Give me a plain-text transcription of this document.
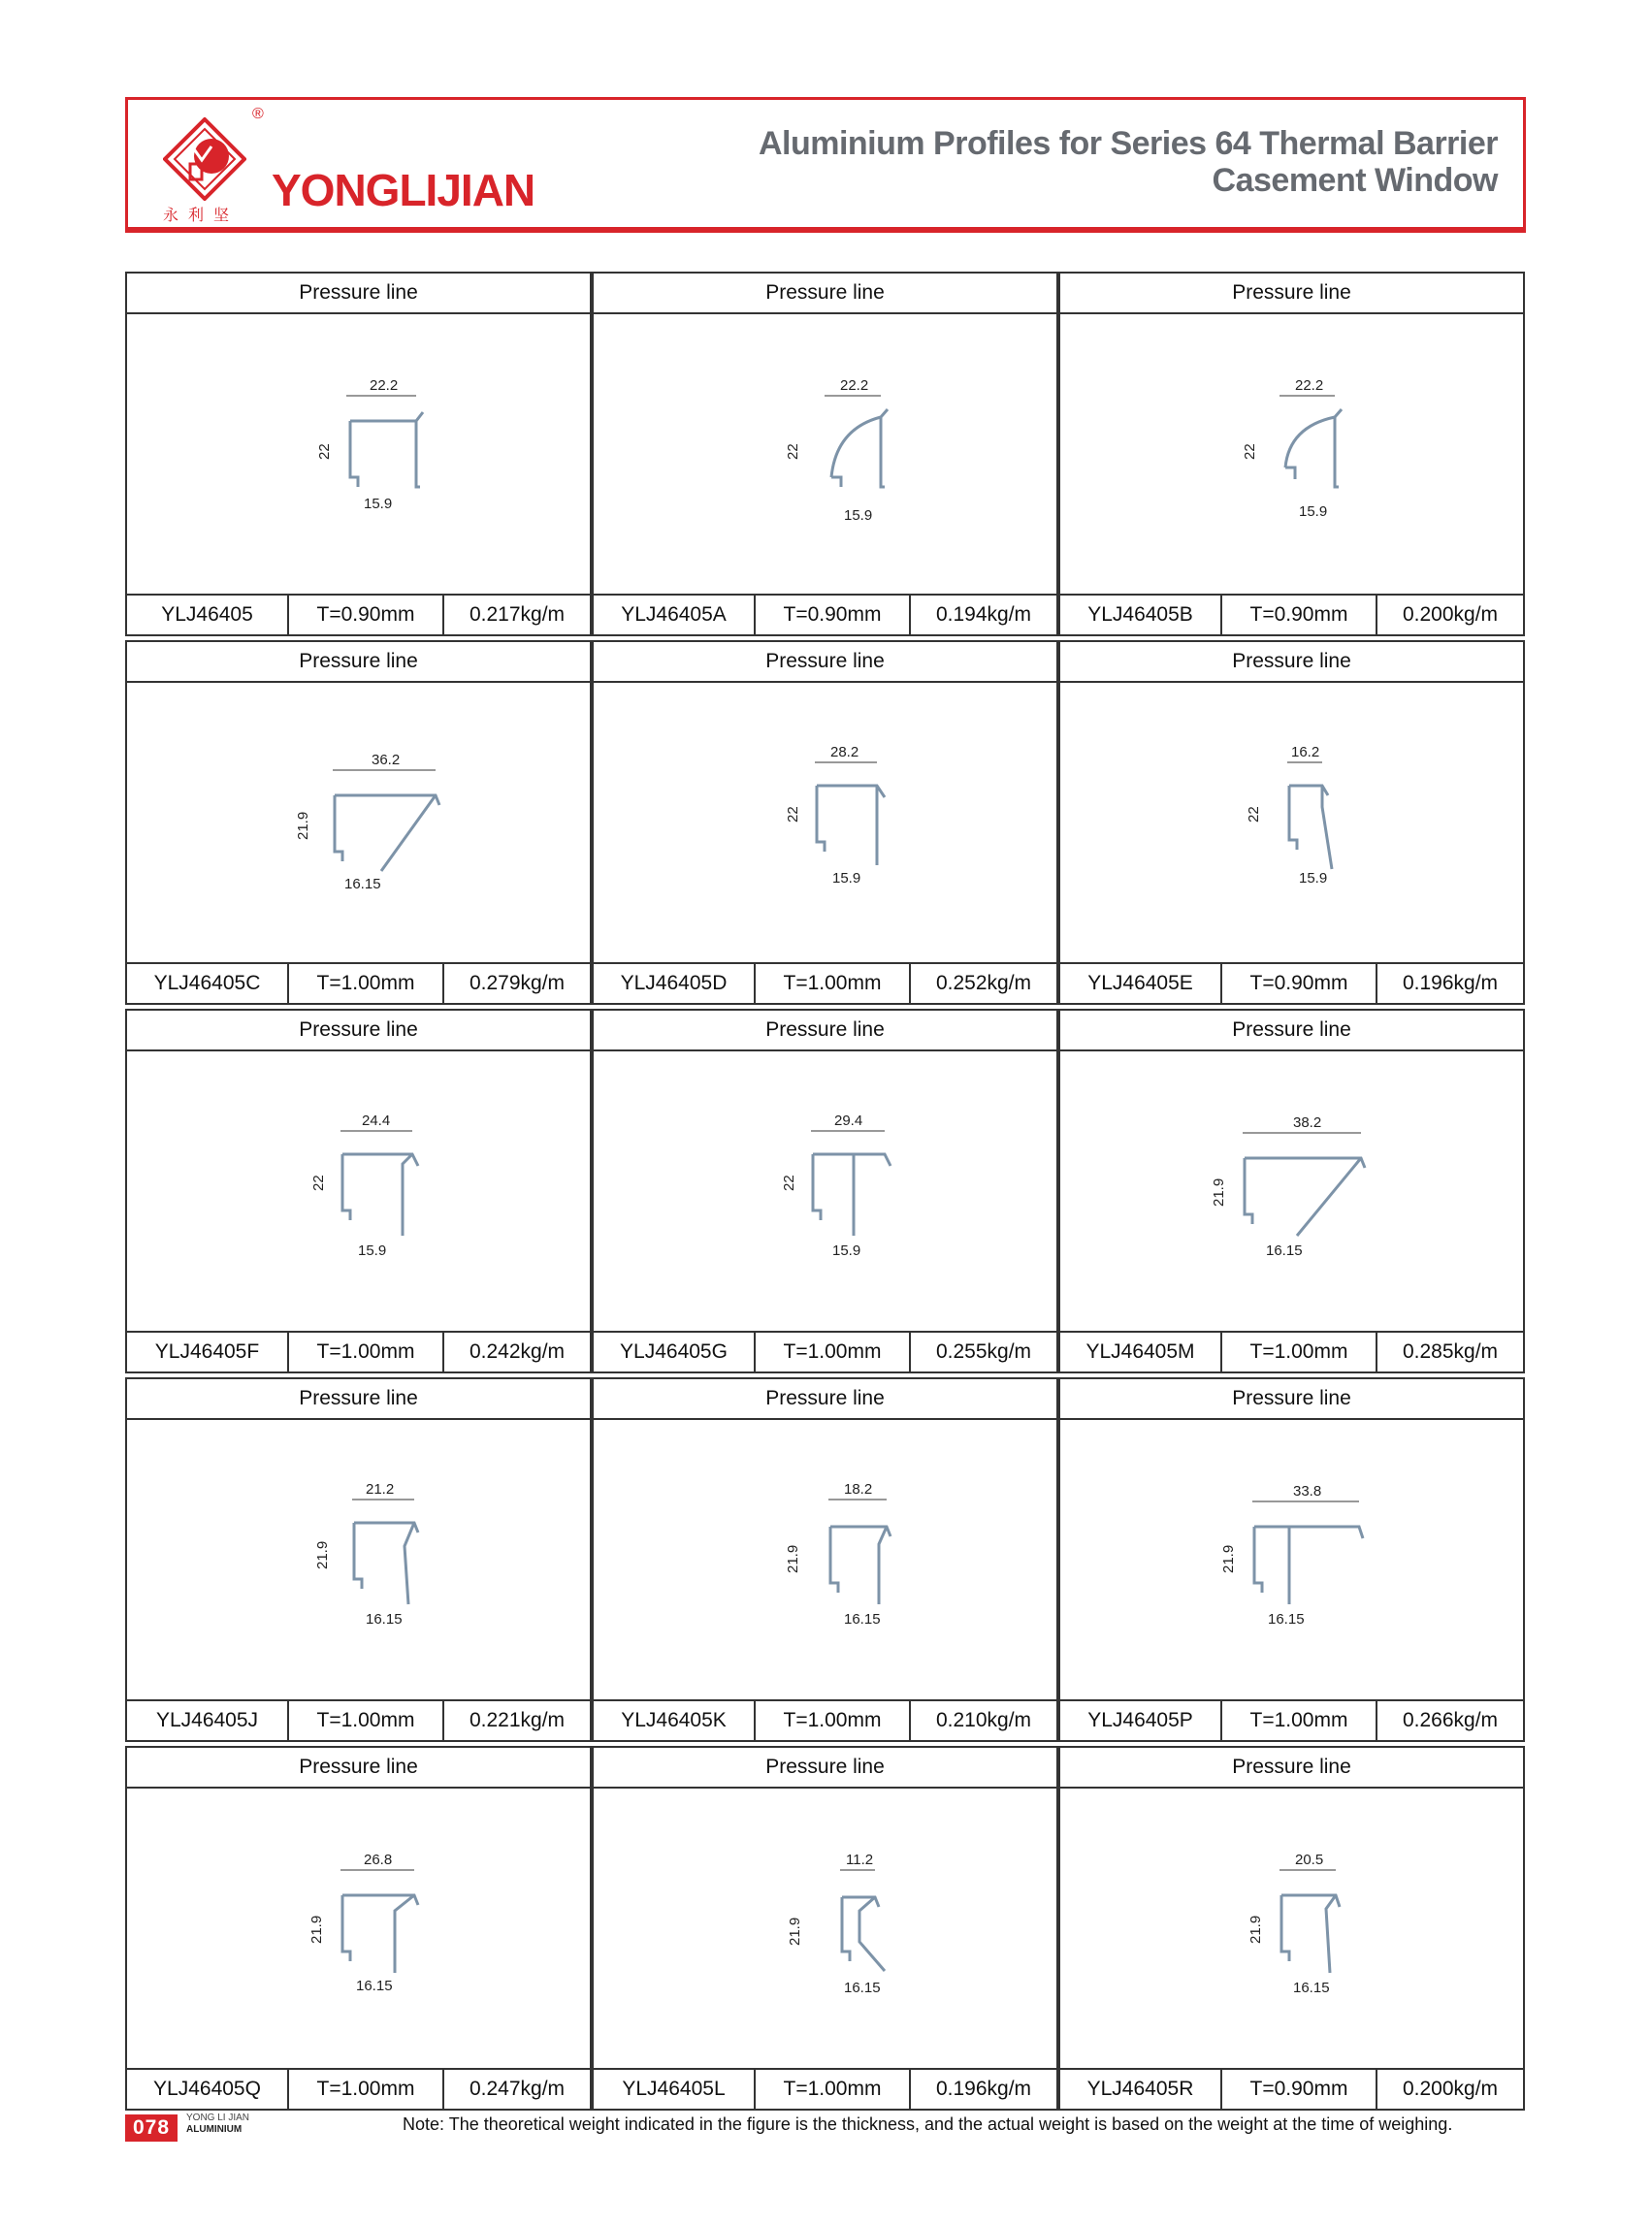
®
永利坚
YONGLIJIAN
Aluminium Profiles for Series 64 Thermal Barrier
Casement Window
Pressure line
22.2
22
15.9
YLJ46405	T=0.90mm	0.217kg/m
Pressure line
22.2
22
15.9
YLJ46405A	T=0.90mm	0.194kg/m
Pressure line
22.2
22
15.9
YLJ46405B	T=0.90mm	0.200kg/m
Pressure line
36.2
21.9
16.15
YLJ46405C	T=1.00mm	0.279kg/m
Pressure line
28.2
22
15.9
YLJ46405D	T=1.00mm	0.252kg/m
Pressure line
16.2
22
15.9
YLJ46405E	T=0.90mm	0.196kg/m
Pressure line
24.4
22
15.9
YLJ46405F	T=1.00mm	0.242kg/m
Pressure line
29.4
22
15.9
YLJ46405G	T=1.00mm	0.255kg/m
Pressure line
38.2
21.9
16.15
YLJ46405M	T=1.00mm	0.285kg/m
Pressure line
21.2
21.9
16.15
YLJ46405J	T=1.00mm	0.221kg/m
Pressure line
18.2
21.9
16.15
YLJ46405K	T=1.00mm	0.210kg/m
Pressure line
33.8
21.9
16.15
YLJ46405P	T=1.00mm	0.266kg/m
Pressure line
26.8
21.9
16.15
YLJ46405Q	T=1.00mm	0.247kg/m
Pressure line
11.2
21.9
16.15
YLJ46405L	T=1.00mm	0.196kg/m
Pressure line
20.5
21.9
16.15
YLJ46405R	T=0.90mm	0.200kg/m
078	YONG LI JIAN
ALUMINIUM	Note: The theoretical weight indicated in the figure is the thickness, and the actual weight is based on the weight at the time of weighing.
